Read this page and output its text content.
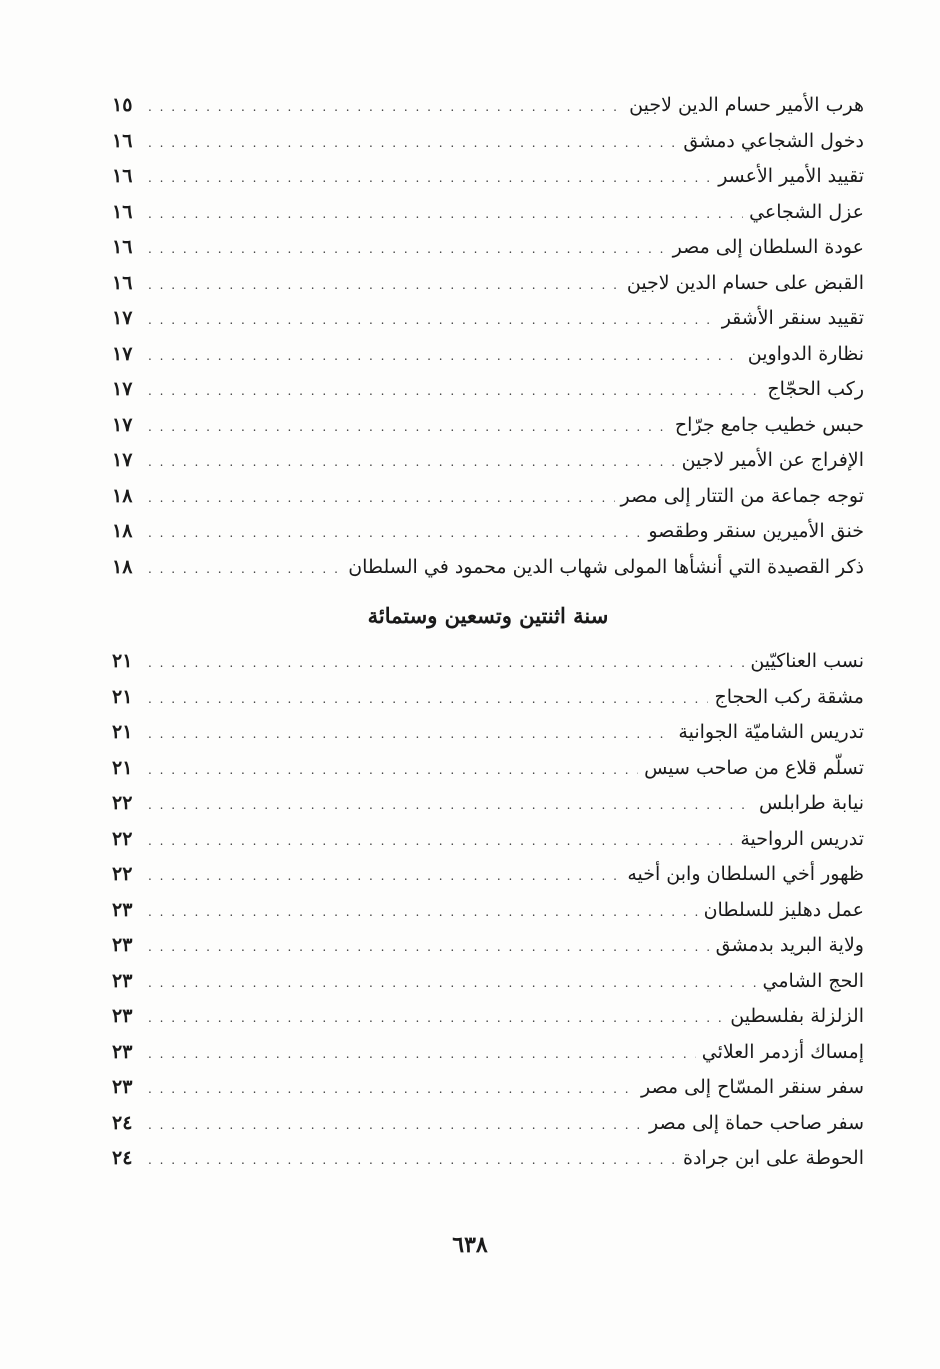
هرب الأمير حسام الدين لاجين
. . .
١٥
دخول الشجاعي دمشق
. . .
١٦
تقييد الأمير الأعسر
. . .
١٦
عزل الشجاعي
. . .
١٦
عودة السلطان إلى مصر
. . .
١٦
القبض على حسام الدين لاجين
. . .
١٦
تقييد سنقر الأشقر
. . .
١٧
نظارة الدواوين
. . .
١٧
ركب الحجّاج
. . .
١٧
حبس خطيب جامع جرّاح
. . .
١٧
الإفراج عن الأمير لاجين
. . .
١٧
توجه جماعة من التتار إلى مصر
. . .
١٨
خنق الأميرين سنقر وطقصو
. . .
١٨
ذكر القصيدة التي أنشأها المولى شهاب الدين محمود في السلطان
. . .
١٨
سنة اثنتين وتسعين وستمائة
نسب العناكيّين
. . .
٢١
مشقة ركب الحجاج
. . .
٢١
تدريس الشاميّة الجوانية
. . .
٢١
تسلّم قلاع من صاحب سيس
. . .
٢١
نيابة طرابلس
. . .
٢٢
تدريس الرواحية
. . .
٢٢
ظهور أخي السلطان وابن أخيه
. . .
٢٢
عمل دهليز للسلطان
. . .
٢٣
ولاية البريد بدمشق
. . .
٢٣
الحج الشامي
. . .
٢٣
الزلزلة بفلسطين
. . .
٢٣
إمساك أزدمر العلائي
. . .
٢٣
سفر سنقر المسّاح إلى مصر
. . .
٢٣
سفر صاحب حماة إلى مصر
. . .
٢٤
الحوطة على ابن جرادة
. . .
٢٤
٦٣٨
